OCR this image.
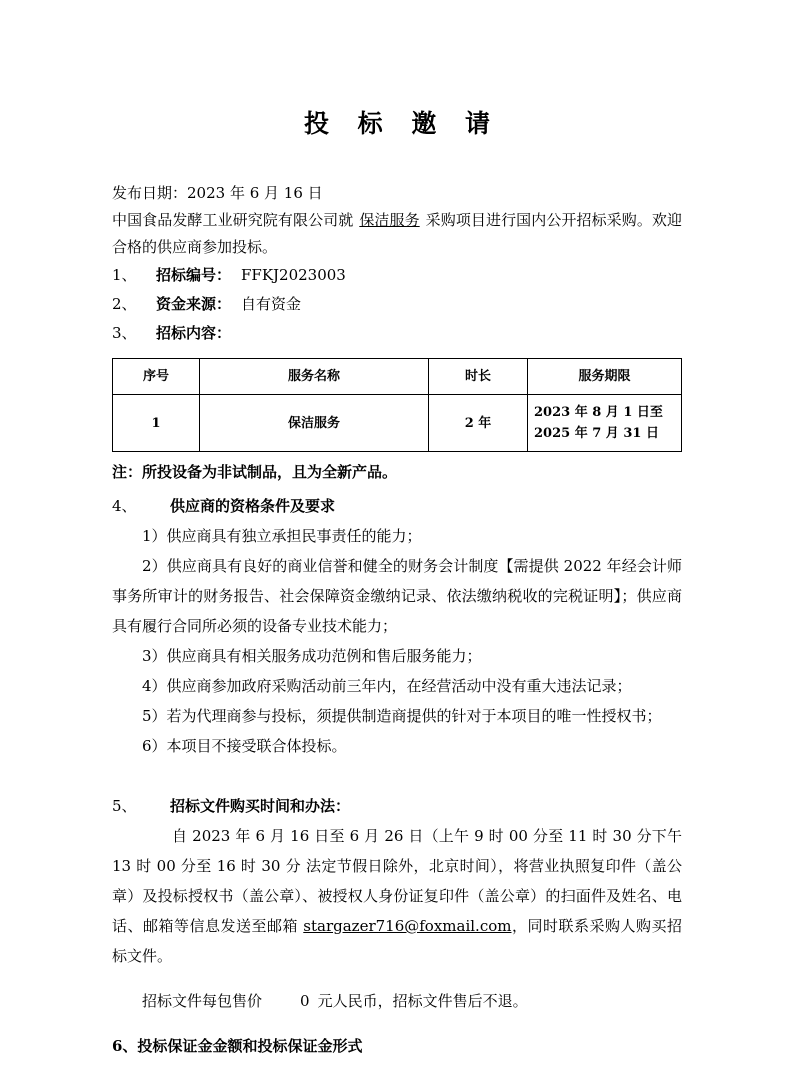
投 标 邀 请

发布日期：2023 年 6 月 16 日

中国食品发酵工业研究院有限公司就 保洁服务 采购项目进行国内公开招标采购。欢迎合格的供应商参加投标。

1、	招标编号： FFKJ2023003
2、	资金来源： 自有资金
3、	招标内容：
序号	服务名称	时长	服务期限
1	保洁服务	2 年	2023 年 8 月 1 日至 2025 年 7 月 31 日
注：所投设备为非试制品，且为全新产品。
4、	供应商的资格条件及要求

1）供应商具有独立承担民事责任的能力；

2）供应商具有良好的商业信誉和健全的财务会计制度【需提供 2022 年经会计师事务所审计的财务报告、社会保障资金缴纳记录、依法缴纳税收的完税证明】；供应商具有履行合同所必须的设备专业技术能力；

3）供应商具有相关服务成功范例和售后服务能力；

4）供应商参加政府采购活动前三年内，在经营活动中没有重大违法记录；

5）若为代理商参与投标，须提供制造商提供的针对于本项目的唯一性授权书；

6）本项目不接受联合体投标。

5、	招标文件购买时间和办法：

自 2023 年 6 月 16 日至 6 月 26 日（上午 9 时 00 分至 11 时 30 分下午 13 时 00 分至 16 时 30 分 法定节假日除外，北京时间），将营业执照复印件（盖公章）及投标授权书（盖公章）、被授权人身份证复印件（盖公章）的扫面件及姓名、电话、邮箱等信息发送至邮箱 stargazer716@foxmail.com，同时联系采购人购买招标文件。

招标文件每包售价	0 元人民币，招标文件售后不退。

6、投标保证金金额和投标保证金形式
